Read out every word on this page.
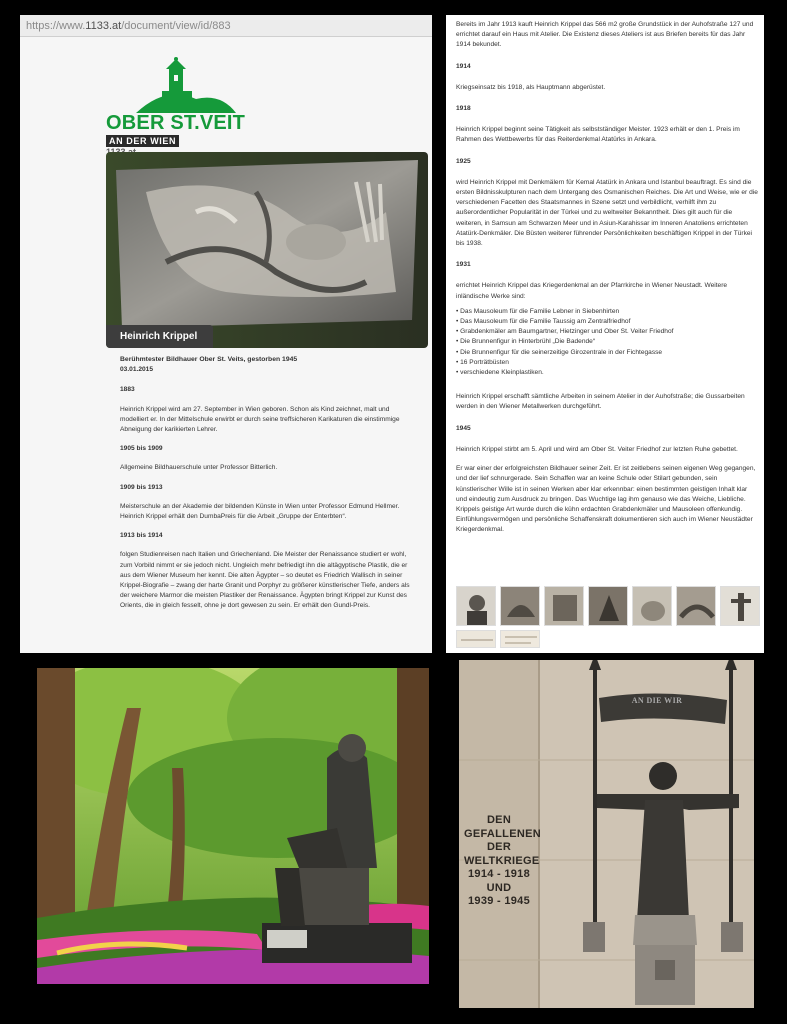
https://www.1133.at/document/view/id/883
OBER ST.VEIT
AN DER WIEN
Heinrich Krippel

Berühmtester Bildhauer Ober St. Veits, gestorben 1945

03.01.2015

1883

Heinrich Krippel wird am 27. September in Wien geboren. Schon als Kind zeichnet, malt und modelliert er. In der Mittelschule erwirbt er durch seine treffsicheren Karikaturen die einstimmige Abneigung der karikierten Lehrer.

1905 bis 1909

Allgemeine Bildhauerschule unter Professor Bitterlich.

1909 bis 1913

Meisterschule an der Akademie der bildenden Künste in Wien unter Professor Edmund Hellmer. Heinrich Krippel erhält den DumbaPreis für die Arbeit „Gruppe der Enterbten“.

1913 bis 1914

folgen Studienreisen nach Italien und Griechenland. Die Meister der Renaissance studiert er wohl, zum Vorbild nimmt er sie jedoch nicht. Ungleich mehr befriedigt ihn die altägyptische Plastik, die er aus dem Wiener Museum her kennt. Die alten Ägypter – so deutet es Friedrich Wallisch in seiner Krippel-Biografie – zwang der harte Granit und Porphyr zu größerer künstlerischer Tiefe, anders als der weichere Marmor die meisten Plastiker der Renaissance. Ägypten bringt Krippel zur Kunst des Orients, die in gleich fesselt, ohne je dort gewesen zu sein. Er erhält den Gundl-Preis.

Bereits im Jahr 1913 kauft Heinrich Krippel das 566 m2 große Grundstück in der Auhofstraße 127 und errichtet darauf ein Haus mit Atelier. Die Existenz dieses Ateliers ist aus Briefen bereits für das Jahr 1914 bekundet.

1914

Kriegseinsatz bis 1918, als Hauptmann abgerüstet.

1918

Heinrich Krippel beginnt seine Tätigkeit als selbstständiger Meister. 1923 erhält er den 1. Preis im Rahmen des Wettbewerbs für das Reiterdenkmal Atatürks in Ankara.

1925

wird Heinrich Krippel mit Denkmälern für Kemal Atatürk in Ankara und Istanbul beauftragt. Es sind die ersten Bildnisskulpturen nach dem Untergang des Osmanischen Reiches. Die Art und Weise, wie er die verschiedenen Facetten des Staatsmannes in Szene setzt und verbildlicht, verhilft ihm zu außerordentlicher Popularität in der Türkei und zu weltweiter Bekanntheit. Dies gilt auch für die weiteren, in Samsun am Schwarzen Meer und in Asiun-Karahissar im Inneren Anatoliens errichteten Atatürk-Denkmäler. Die Büsten weiterer führender Persönlichkeiten beschäftigen Krippel in der Türkei bis 1938.

1931

errichtet Heinrich Krippel das Kriegerdenkmal an der Pfarrkirche in Wiener Neustadt. Weitere inländische Werke sind:

• Das Mausoleum für die Familie Lebner in Siebenhirten
• Das Mausoleum für die Familie Taussig am Zentralfriedhof
• Grabdenkmäler am Baumgartner, Hietzinger und Ober St. Veiter Friedhof
• Die Brunnenfigur in Hinterbrühl „Die Badende“
• Die Brunnenfigur für die seinerzeitige Girozentrale in der Fichtegasse
• 16 Porträtbüsten
• verschiedene Kleinplastiken.

Heinrich Krippel erschafft sämtliche Arbeiten in seinem Atelier in der Auhofstraße; die Gussarbeiten werden in den Wiener Metallwerken durchgeführt.

1945

Heinrich Krippel stirbt am 5. April und wird am Ober St. Veiter Friedhof zur letzten Ruhe gebettet.

Er war einer der erfolgreichsten Bildhauer seiner Zeit. Er ist zeitlebens seinen eigenen Weg gegangen, und der lief schnurgerade. Sein Schaffen war an keine Schule oder Stilart gebunden, sein künstlerischer Wille ist in seinen Werken aber klar erkennbar: einen bestimmten geistigen Inhalt klar und eindeutig zum Ausdruck zu bringen. Das Wuchtige lag ihm genauso wie das Weiche, Liebliche. Krippels geistige Art wurde durch die kühn erdachten Grabdenkmäler und Mausoleen offenkundig. Einfühlungsvermögen und persönliche Schaffenskraft dokumentieren sich auch im Wiener Neustädter Kriegerdenkmal.

AN DIE WIR
DEN
GEFALLENEN
DER
WELTKRIEGE
1914 - 1918
UND
1939 - 1945
